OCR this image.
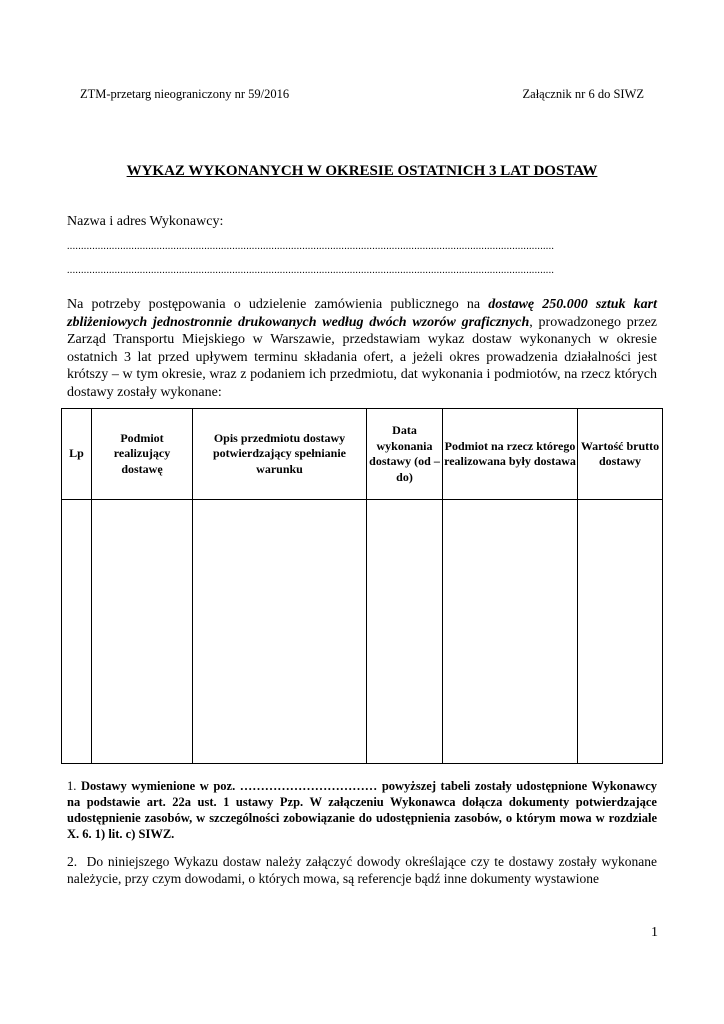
ZTM-przetarg nieograniczony nr 59/2016	Załącznik nr 6 do SIWZ
WYKAZ WYKONANYCH W OKRESIE OSTATNICH 3 LAT DOSTAW
Nazwa i adres Wykonawcy:
..............................................................................................................................................................................
..............................................................................................................................................................................
Na potrzeby postępowania o udzielenie zamówienia publicznego na dostawę 250.000 sztuk kart zbliżeniowych jednostronnie drukowanych według dwóch wzorów graficznych, prowadzonego przez Zarząd Transportu Miejskiego w Warszawie, przedstawiam wykaz dostaw wykonanych w okresie ostatnich 3 lat przed upływem terminu składania ofert, a jeżeli okres prowadzenia działalności jest krótszy – w tym okresie, wraz z podaniem ich przedmiotu, dat wykonania i podmiotów, na rzecz których dostawy zostały wykonane:
Lp	Podmiot realizujący dostawę	Opis przedmiotu dostawy potwierdzający spełnianie warunku	Data wykonania dostawy (od – do)	Podmiot na rzecz którego realizowana były dostawa	Wartość brutto dostawy

1. Dostawy wymienione w poz. …………………………… powyższej tabeli zostały udostępnione Wykonawcy na podstawie art. 22a ust. 1 ustawy Pzp. W załączeniu Wykonawca dołącza dokumenty potwierdzające udostępnienie zasobów, w szczególności zobowiązanie do udostępnienia zasobów, o którym mowa w rozdziale X. 6. 1) lit. c) SIWZ.
2. Do niniejszego Wykazu dostaw należy załączyć dowody określające czy te dostawy zostały wykonane należycie, przy czym dowodami, o których mowa, są referencje bądź inne dokumenty wystawione
1
